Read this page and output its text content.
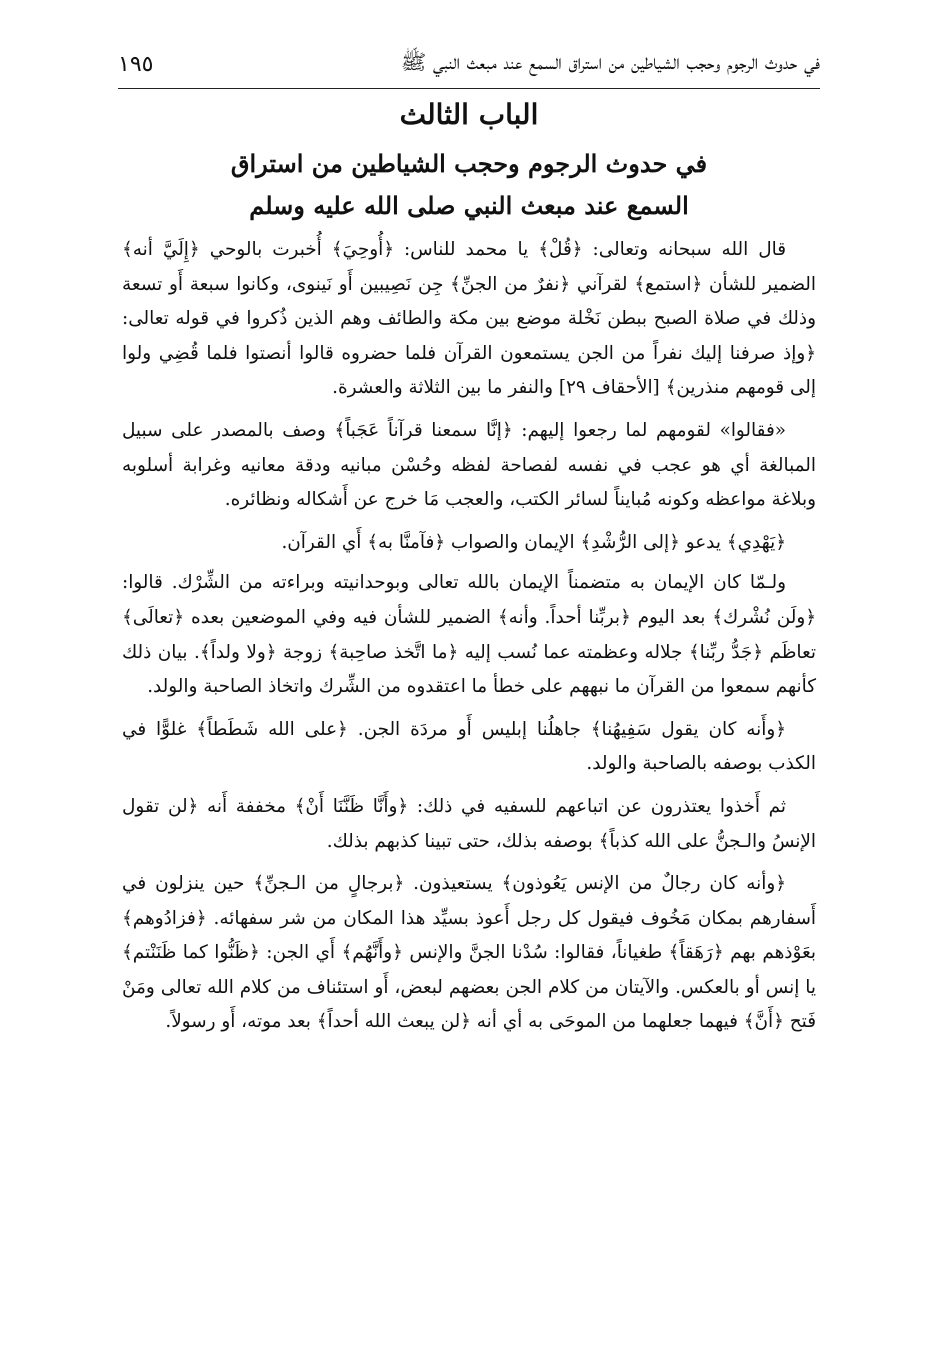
١٩٥	في حدوث الرجوم وحجب الشياطين من استراق السمع عند مبعث النبي ﷺ
الباب الثالث
في حدوث الرجوم وحجب الشياطين من استراق
السمع عند مبعث النبي صلى الله عليه وسلم

قال الله سبحانه وتعالى: ﴿قُلْ﴾ يا محمد للناس: ﴿أُوحِيَ﴾ أُخبرت بالوحي ﴿إِلَيَّ أنه﴾ الضمير للشأن ﴿استمع﴾ لقرآني ﴿نفرٌ من الجنِّ﴾ جِن نَصِيبين أَو نَينوى، وكانوا سبعة أَو تسعة وذلك في صلاة الصبح ببطن نَخْلة موضع بين مكة والطائف وهم الذين ذُكروا في قوله تعالى: ﴿وإذ صرفنا إليك نفراً من الجن يستمعون القرآن فلما حضروه قالوا أنصتوا فلما قُضِي ولوا إلى قومهم منذرين﴾ [الأحقاف ٢٩] والنفر ما بين الثلاثة والعشرة.

«فقالوا» لقومهم لما رجعوا إليهم: ﴿إنَّا سمعنا قرآناً عَجَباً﴾ وصف بالمصدر على سبيل المبالغة أي هو عجب في نفسه لفصاحة لفظه وحُسْن مبانيه ودقة معانيه وغرابة أسلوبه وبلاغة مواعظه وكونه مُبايناً لسائر الكتب، والعجب مَا خرج عن أَشكاله ونظائره.

﴿يَهْدِي﴾ يدعو ﴿إلى الرُّشْدِ﴾ الإيمان والصواب ﴿فآمنَّا به﴾ أَي القرآن.

ولـمّا كان الإيمان به متضمناً الإيمان بالله تعالى وبوحدانيته وبراءته من الشِّرْك. قالوا: ﴿ولَن نُشْرك﴾ بعد اليوم ﴿بربِّنا أحداً. وأنه﴾ الضمير للشأن فيه وفي الموضعين بعده ﴿تعالَى﴾ تعاظَم ﴿جَدُّ ربِّنا﴾ جلاله وعظمته عما نُسب إليه ﴿ما اتَّخذ صاحِبة﴾ زوجة ﴿ولا ولداً﴾. بيان ذلك كأنهم سمعوا من القرآن ما نبههم على خطأ ما اعتقدوه من الشِّرك واتخاذ الصاحبة والولد.

﴿وأَنه كان يقول سَفِيهُنا﴾ جاهلُنا إبليس أَو مردَة الجن. ﴿على الله شَطَطاً﴾ غلوًّا في الكذب بوصفه بالصاحبة والولد.

ثم أَخذوا يعتذرون عن اتباعهم للسفيه في ذلك: ﴿وأَنَّا ظَنَّنَا أَنْ﴾ مخففة أَنه ﴿لن تقول الإنسُ والـجنُّ على الله كذباً﴾ بوصفه بذلك، حتى تبينا كذبهم بذلك.

﴿وأنه كان رجالٌ من الإنس يَعُوذون﴾ يستعيذون. ﴿برجالٍ من الـجنِّ﴾ حين ينزلون في أَسفارهم بمكان مَخُوف فيقول كل رجل أَعوذ بسيِّد هذا المكان من شر سفهائه. ﴿فزادُوهم﴾ بعَوْذهم بهم ﴿رَهَقاً﴾ طغياناً، فقالوا: سُدْنا الجنَّ والإنس ﴿وأَنَّهُم﴾ أَي الجن: ﴿ظَنُّوا كما ظَنَنْتم﴾ يا إنس أو بالعكس. والآيتان من كلام الجن بعضهم لبعض، أَو استئناف من كلام الله تعالى ومَنْ فَتح ﴿أَنَّ﴾ فيهما جعلهما من الموحَى به أي أنه ﴿لن يبعث الله أحداً﴾ بعد موته، أَو رسولاً.
